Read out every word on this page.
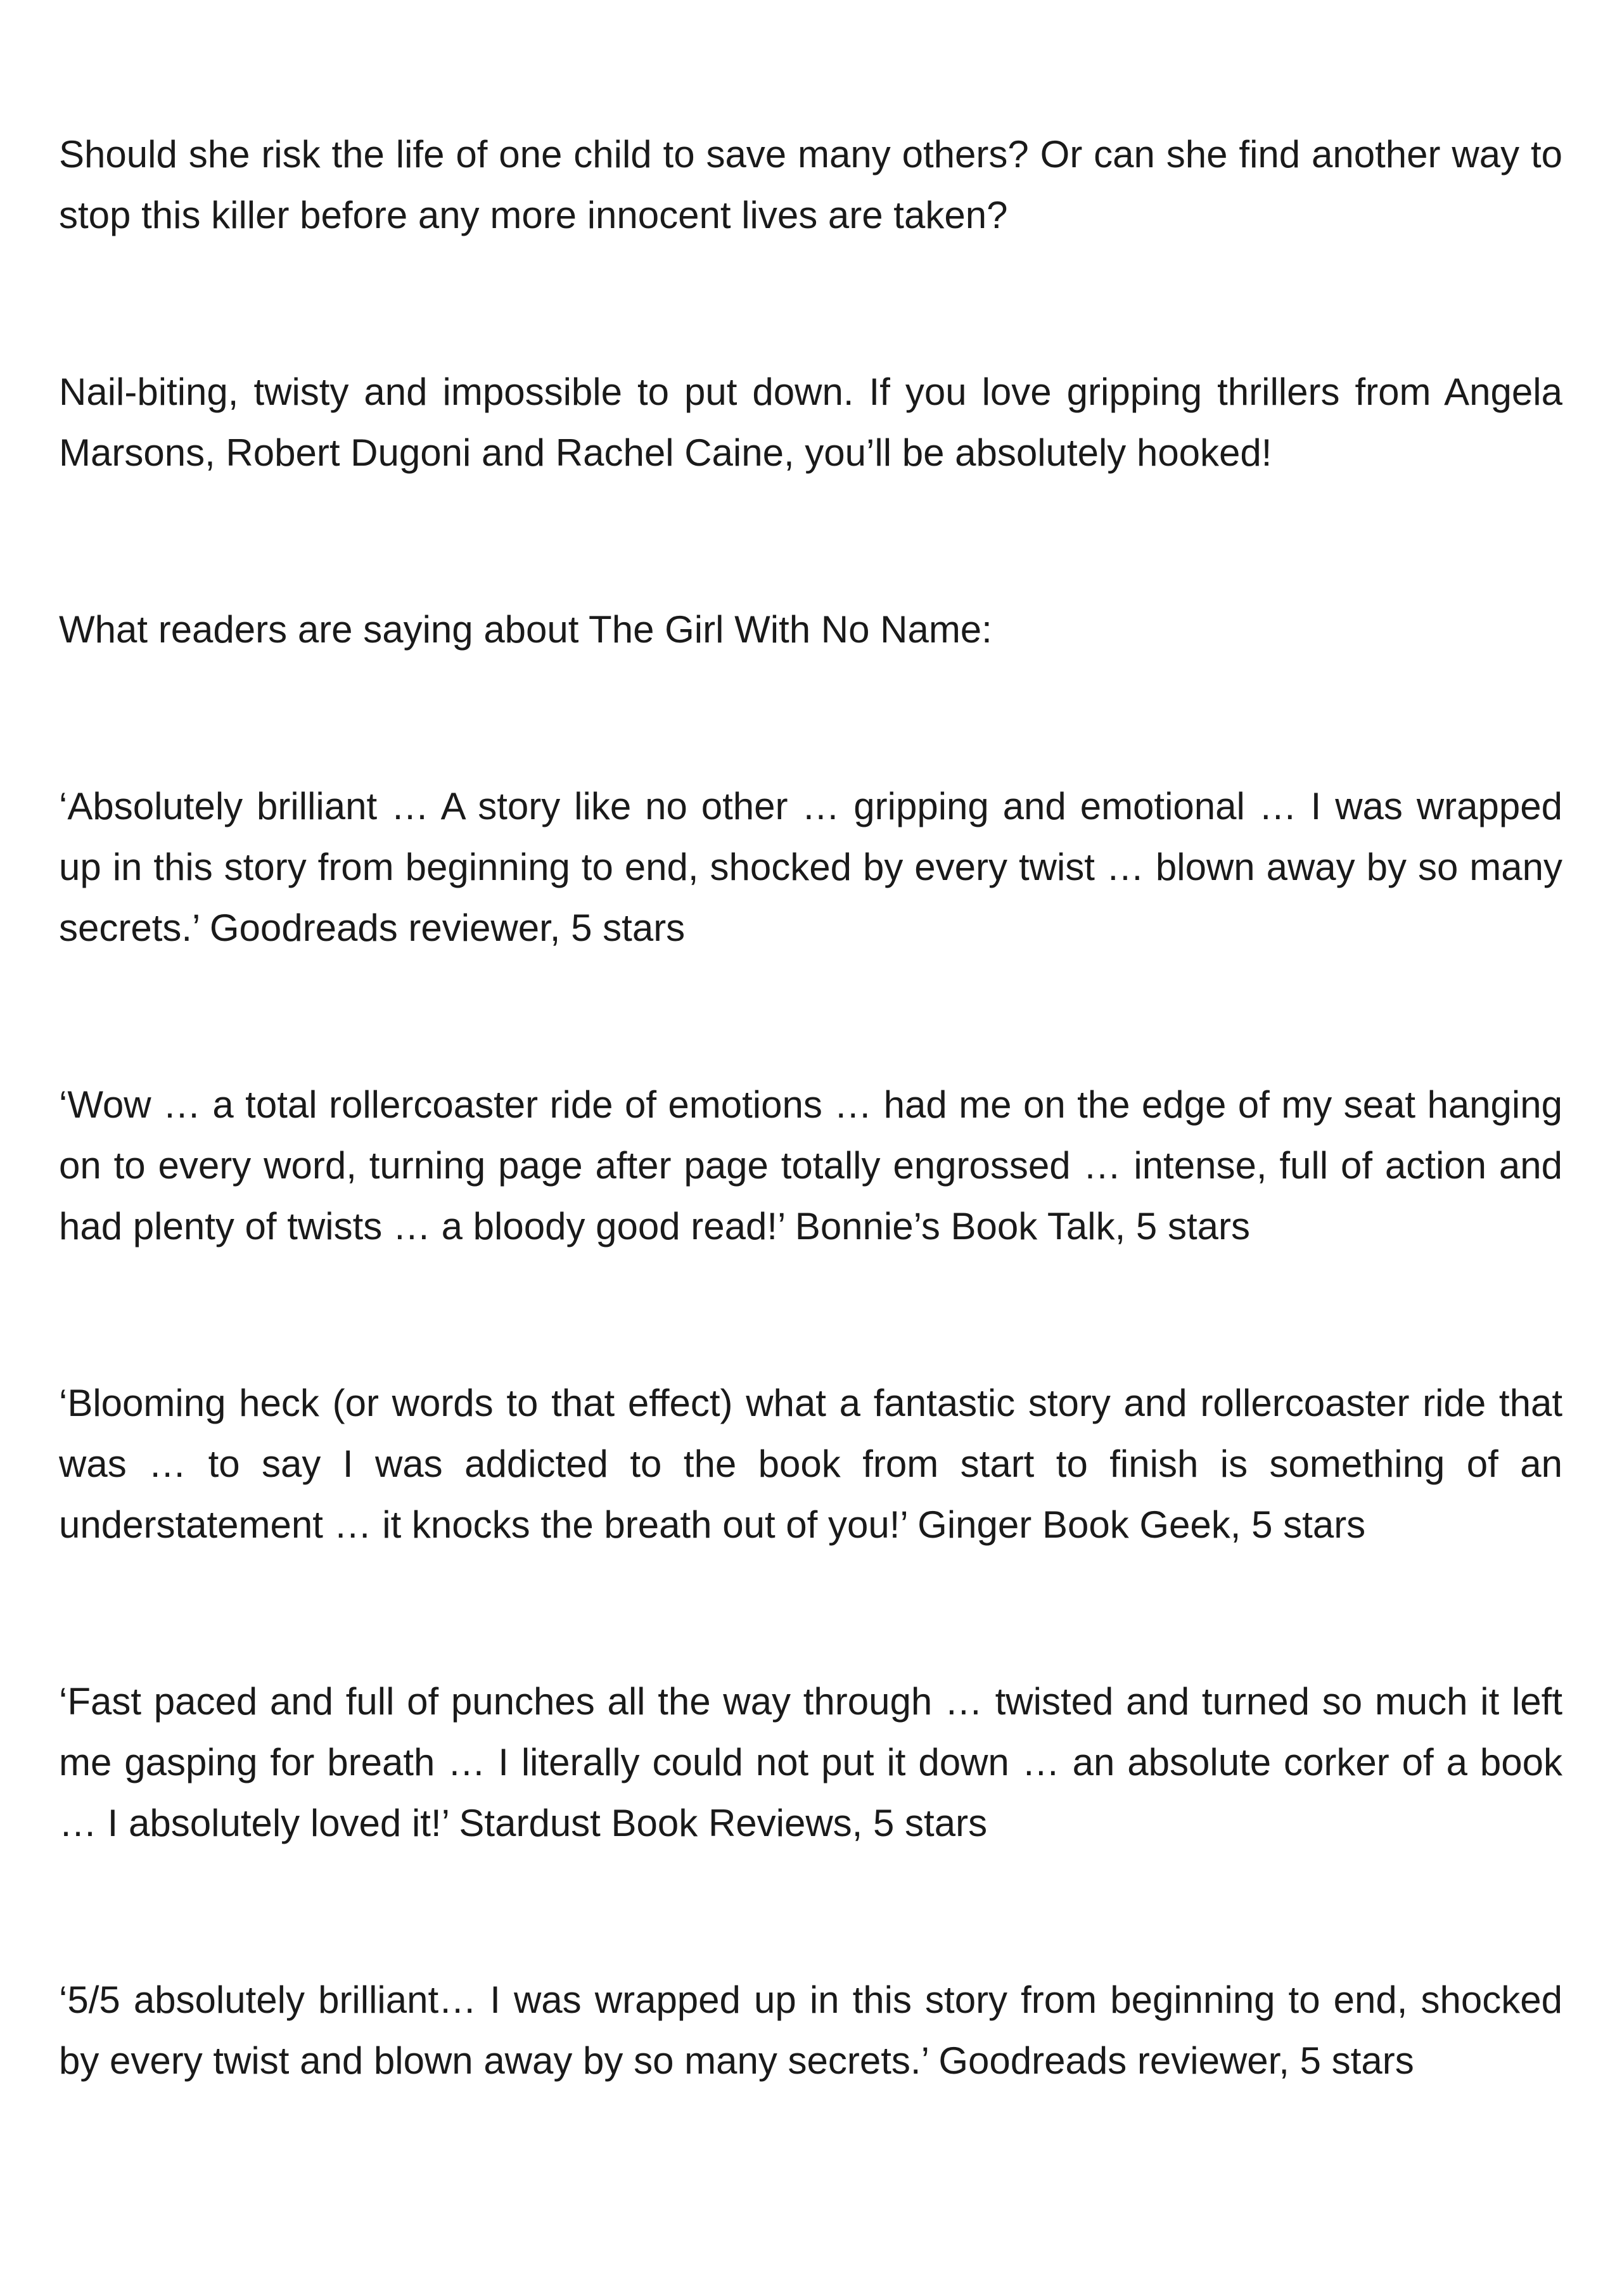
Should she risk the life of one child to save many others? Or can she find another way to stop this killer before any more innocent lives are taken?

Nail-biting, twisty and impossible to put down. If you love gripping thrillers from Angela Marsons, Robert Dugoni and Rachel Caine, you’ll be absolutely hooked!

What readers are saying about The Girl With No Name:

‘Absolutely brilliant … A story like no other … gripping and emotional … I was wrapped up in this story from beginning to end, shocked by every twist … blown away by so many secrets.’ Goodreads reviewer, 5 stars

‘Wow … a total rollercoaster ride of emotions … had me on the edge of my seat hanging on to every word, turning page after page totally engrossed … intense, full of action and had plenty of twists … a bloody good read!’ Bonnie’s Book Talk, 5 stars

‘Blooming heck (or words to that effect) what a fantastic story and rollercoaster ride that was … to say I was addicted to the book from start to finish is something of an understatement … it knocks the breath out of you!’ Ginger Book Geek, 5 stars

‘Fast paced and full of punches all the way through … twisted and turned so much it left me gasping for breath … I literally could not put it down … an absolute corker of a book … I absolutely loved it!’ Stardust Book Reviews, 5 stars

‘5/5 absolutely brilliant… I was wrapped up in this story from beginning to end, shocked by every twist and blown away by so many secrets.’ Goodreads reviewer, 5 stars
